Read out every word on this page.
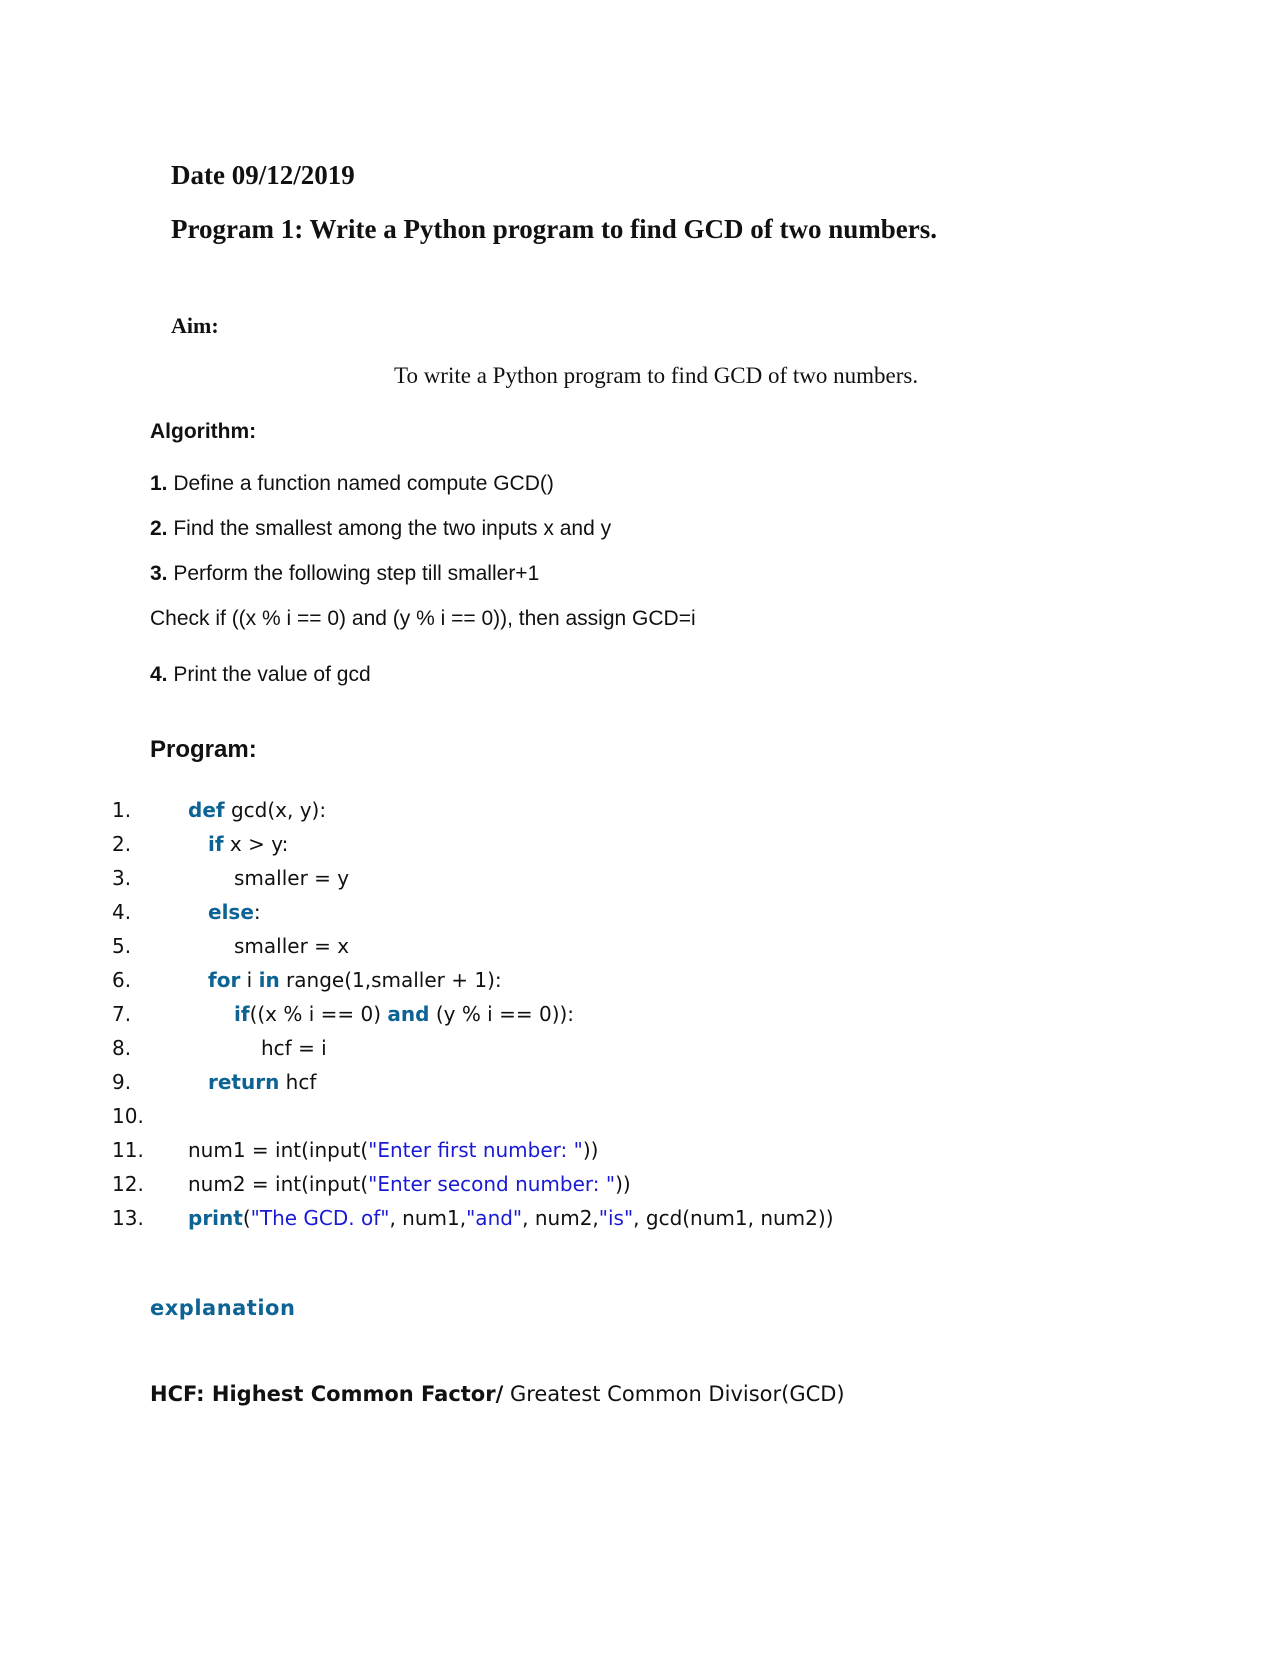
Date 09/12/2019
Program 1: Write a Python program to find GCD of two numbers.
Aim:
To write a Python program to find GCD of two numbers.
Algorithm:
1. Define a function named compute GCD()
2. Find the smallest among the two inputs x and y
3. Perform the following step till smaller+1
Check if ((x % i == 0) and (y % i == 0)), then assign GCD=i
4. Print the value of gcd
Program:
1.
2.
3.
4.
5.
6.
7.
8.
9.
10.
11.
12.
13.
def gcd(x, y):
if x > y:
smaller = y
else:
smaller = x
for i in range(1,smaller + 1):
if((x % i == 0) and (y % i == 0)):
hcf = i
return hcf
num1 = int(input("Enter first number: "))
num2 = int(input("Enter second number: "))
print("The GCD. of", num1,"and", num2,"is", gcd(num1, num2))
explanation
HCF: Highest Common Factor/ Greatest Common Divisor(GCD)
